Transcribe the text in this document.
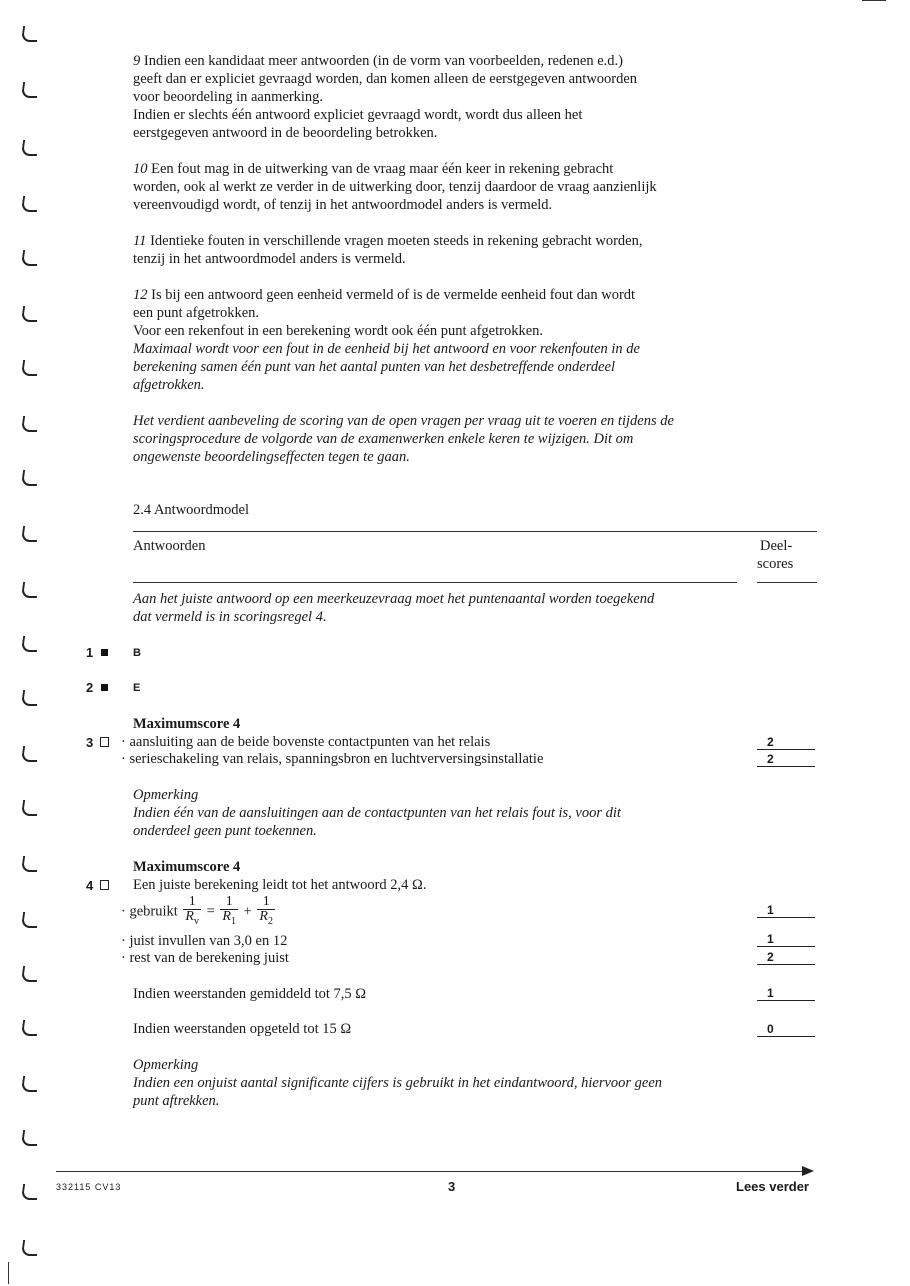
9 Indien een kandidaat meer antwoorden (in de vorm van voorbeelden, redenen e.d.)
geeft dan er expliciet gevraagd worden, dan komen alleen de eerstgegeven antwoorden
voor beoordeling in aanmerking.
Indien er slechts één antwoord expliciet gevraagd wordt, wordt dus alleen het
eerstgegeven antwoord in de beoordeling betrokken.
10 Een fout mag in de uitwerking van de vraag maar één keer in rekening gebracht
worden, ook al werkt ze verder in de uitwerking door, tenzij daardoor de vraag aanzienlijk
vereenvoudigd wordt, of tenzij in het antwoordmodel anders is vermeld.
11 Identieke fouten in verschillende vragen moeten steeds in rekening gebracht worden,
tenzij in het antwoordmodel anders is vermeld.
12 Is bij een antwoord geen eenheid vermeld of is de vermelde eenheid fout dan wordt
een punt afgetrokken.
Voor een rekenfout in een berekening wordt ook één punt afgetrokken.
Maximaal wordt voor een fout in de eenheid bij het antwoord en voor rekenfouten in de
berekening samen één punt van het aantal punten van het desbetreffende onderdeel
afgetrokken.
Het verdient aanbeveling de scoring van de open vragen per vraag uit te voeren en tijdens de
scoringsprocedure de volgorde van de examenwerken enkele keren te wijzigen. Dit om
ongewenste beoordelingseffecten tegen te gaan.
2.4 Antwoordmodel
Antwoorden	Deel-
scores
Aan het juiste antwoord op een meerkeuzevraag moet het puntenaantal worden toegekend
dat vermeld is in scoringsregel 4.
1	B
2	E
Maximumscore 4
3	· aansluiting aan de beide bovenste contactpunten van het relais	2
· serieschakeling van relais, spanningsbron en luchtverversingsinstallatie	2
Opmerking
Indien één van de aansluitingen aan de contactpunten van het relais fout is, voor dit
onderdeel geen punt toekennen.
Maximumscore 4
4	Een juiste berekening leidt tot het antwoord 2,4 Ω.
· gebruikt $\frac{1}{R_v} = \frac{1}{R_1} + \frac{1}{R_2}$	1
· juist invullen van 3,0 en 12	1
· rest van de berekening juist	2
Indien weerstanden gemiddeld tot 7,5 Ω	1
Indien weerstanden opgeteld tot 15 Ω	0
Opmerking
Indien een onjuist aantal significante cijfers is gebruikt in het eindantwoord, hiervoor geen
punt aftrekken.
332115 CV13	3	Lees verder
